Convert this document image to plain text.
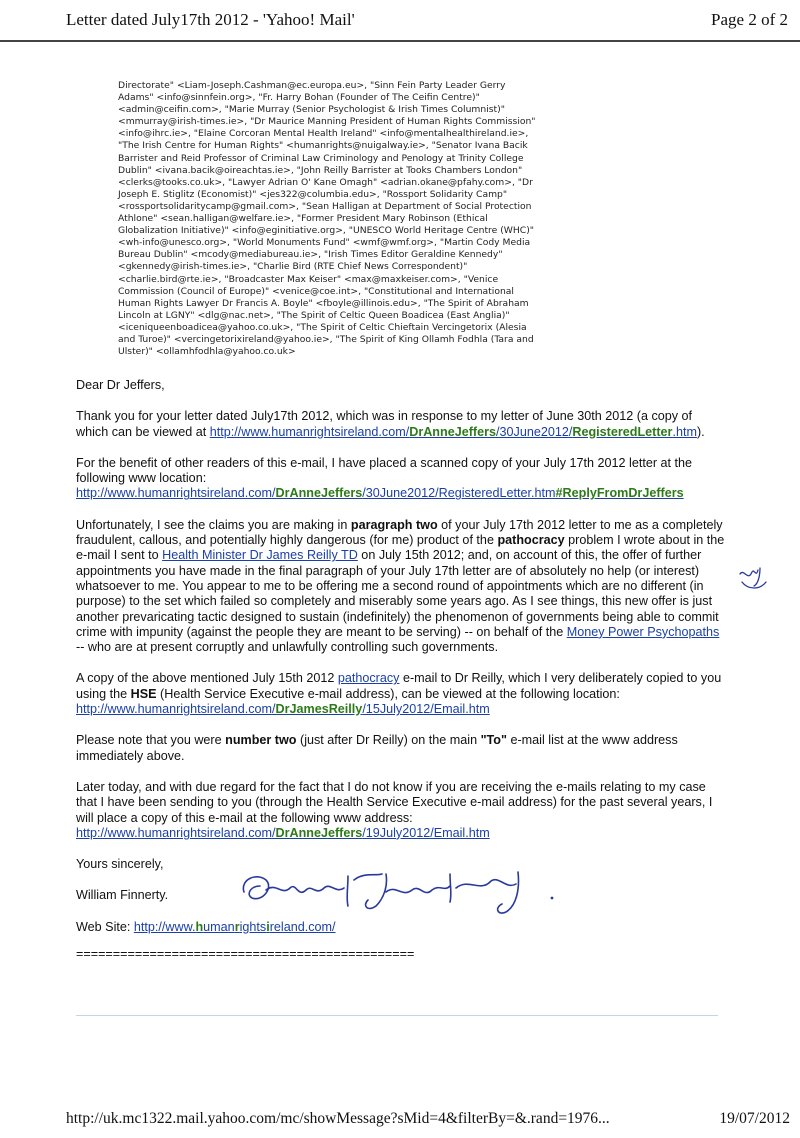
Letter dated July17th 2012 - 'Yahoo! Mail'	Page 2 of 2
Directorate" <Liam-Joseph.Cashman@ec.europa.eu>, "Sinn Fein Party Leader Gerry
Adams" <info@sinnfein.org>, "Fr. Harry Bohan (Founder of The Ceifin Centre)"
<admin@ceifin.com>, "Marie Murray (Senior Psychologist & Irish Times Columnist)"
<mmurray@irish-times.ie>, "Dr Maurice Manning President of Human Rights Commission"
<info@ihrc.ie>, "Elaine Corcoran Mental Health Ireland" <info@mentalhealthireland.ie>,
"The Irish Centre for Human Rights" <humanrights@nuigalway.ie>, "Senator Ivana Bacik
Barrister and Reid Professor of Criminal Law Criminology and Penology at Trinity College
Dublin" <ivana.bacik@oireachtas.ie>, "John Reilly Barrister at Tooks Chambers London"
<clerks@tooks.co.uk>, "Lawyer Adrian O' Kane Omagh" <adrian.okane@pfahy.com>, "Dr
Joseph E. Stiglitz (Economist)" <jes322@columbia.edu>, "Rossport Solidarity Camp"
<rossportsolidaritycamp@gmail.com>, "Sean Halligan at Department of Social Protection
Athlone" <sean.halligan@welfare.ie>, "Former President Mary Robinson (Ethical
Globalization Initiative)" <info@eginitiative.org>, "UNESCO World Heritage Centre (WHC)"
<wh-info@unesco.org>, "World Monuments Fund" <wmf@wmf.org>, "Martin Cody Media
Bureau Dublin" <mcody@mediabureau.ie>, "Irish Times Editor Geraldine Kennedy"
<gkennedy@irish-times.ie>, "Charlie Bird (RTE Chief News Correspondent)"
<charlie.bird@rte.ie>, "Broadcaster Max Keiser" <max@maxkeiser.com>, "Venice
Commission (Council of Europe)" <venice@coe.int>, "Constitutional and International
Human Rights Lawyer Dr Francis A. Boyle" <fboyle@illinois.edu>, "The Spirit of Abraham
Lincoln at LGNY" <dlg@nac.net>, "The Spirit of Celtic Queen Boadicea (East Anglia)"
<iceniqueenboadicea@yahoo.co.uk>, "The Spirit of Celtic Chieftain Vercingetorix (Alesia
and Turoe)" <vercingetorixireland@yahoo.ie>, "The Spirit of King Ollamh Fodhla (Tara and
Ulster)" <ollamhfodhla@yahoo.co.uk>

Dear Dr Jeffers,

Thank you for your letter dated July17th 2012, which was in response to my letter of June 30th 2012 (a copy of which can be viewed at http://www.humanrightsireland.com/DrAnneJeffers/30June2012/RegisteredLetter.htm).

For the benefit of other readers of this e-mail, I have placed a scanned copy of your July 17th 2012 letter at the following www location:
http://www.humanrightsireland.com/DrAnneJeffers/30June2012/RegisteredLetter.htm#ReplyFromDrJeffers

Unfortunately, I see the claims you are making in paragraph two of your July 17th 2012 letter to me as a completely fraudulent, callous, and potentially highly dangerous (for me) product of the pathocracy problem I wrote about in the e-mail I sent to Health Minister Dr James Reilly TD on July 15th 2012; and, on account of this, the offer of further appointments you have made in the final paragraph of your July 17th letter are of absolutely no help (or interest) whatsoever to me. You appear to me to be offering me a second round of appointments which are no different (in purpose) to the set which failed so completely and miserably some years ago. As I see things, this new offer is just another prevaricating tactic designed to sustain (indefinitely) the phenomenon of governments being able to commit crime with impunity (against the people they are meant to be serving) -- on behalf of the Money Power Psychopaths -- who are at present corruptly and unlawfully controlling such governments.

A copy of the above mentioned July 15th 2012 pathocracy e-mail to Dr Reilly, which I very deliberately copied to you using the HSE (Health Service Executive e-mail address), can be viewed at the following location:
http://www.humanrightsireland.com/DrJamesReilly/15July2012/Email.htm

Please note that you were number two (just after Dr Reilly) on the main "To" e-mail list at the www address immediately above.

Later today, and with due regard for the fact that I do not know if you are receiving the e-mails relating to my case that I have been sending to you (through the Health Service Executive e-mail address) for the past several years, I will place a copy of this e-mail at the following www address:
http://www.humanrightsireland.com/DrAnneJeffers/19July2012/Email.htm

Yours sincerely,

William Finnerty.

Web Site: http://www.humanrightsireland.com/

==============================================

http://uk.mc1322.mail.yahoo.com/mc/showMessage?sMid=4&filterBy=&.rand=1976...	19/07/2012
